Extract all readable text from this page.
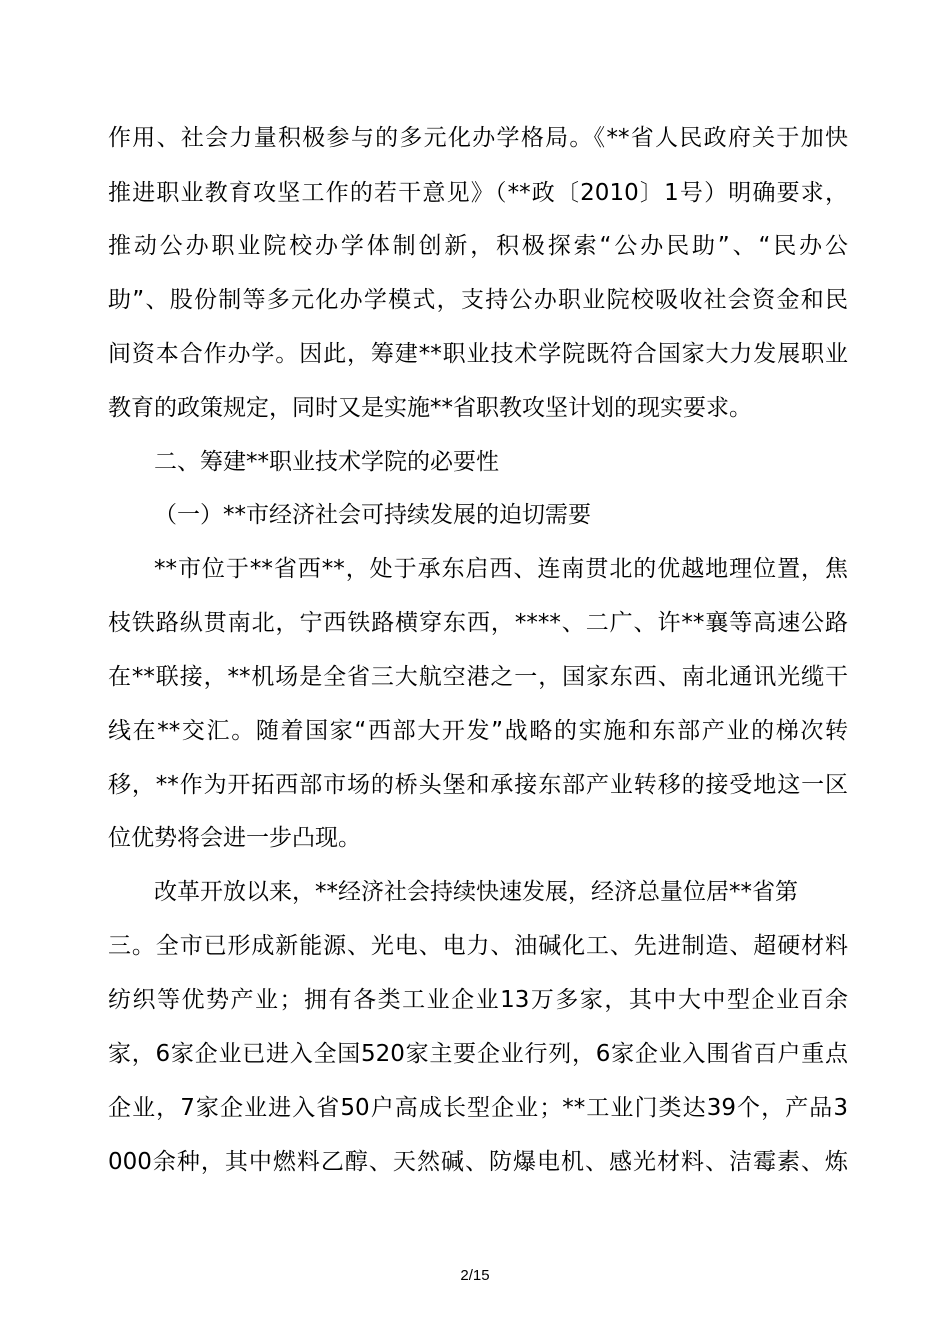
作用、社会力量积极参与的多元化办学格局。《**省人民政府关于加快
推进职业教育攻坚工作的若干意见》（**政〔2010〕1号）明确要求，
推动公办职业院校办学体制创新，积极探索“公办民助”、“民办公
助”、股份制等多元化办学模式，支持公办职业院校吸收社会资金和民
间资本合作办学。因此，筹建**职业技术学院既符合国家大力发展职业
教育的政策规定，同时又是实施**省职教攻坚计划的现实要求。
二、筹建**职业技术学院的必要性
（一）**市经济社会可持续发展的迫切需要
**市位于**省西**，处于承东启西、连南贯北的优越地理位置，焦
枝铁路纵贯南北，宁西铁路横穿东西，****、二广、许**襄等高速公路
在**联接，**机场是全省三大航空港之一，国家东西、南北通讯光缆干
线在**交汇。随着国家“西部大开发”战略的实施和东部产业的梯次转
移，**作为开拓西部市场的桥头堡和承接东部产业转移的接受地这一区
位优势将会进一步凸现。
改革开放以来，**经济社会持续快速发展，经济总量位居**省第
三。全市已形成新能源、光电、电力、油碱化工、先进制造、超硬材料
纺织等优势产业；拥有各类工业企业13万多家，其中大中型企业百余
家，6家企业已进入全国520家主要企业行列，6家企业入围省百户重点
企业，7家企业进入省50户高成长型企业；**工业门类达39个，产品3
000余种，其中燃料乙醇、天然碱、防爆电机、感光材料、洁霉素、炼
2/15
